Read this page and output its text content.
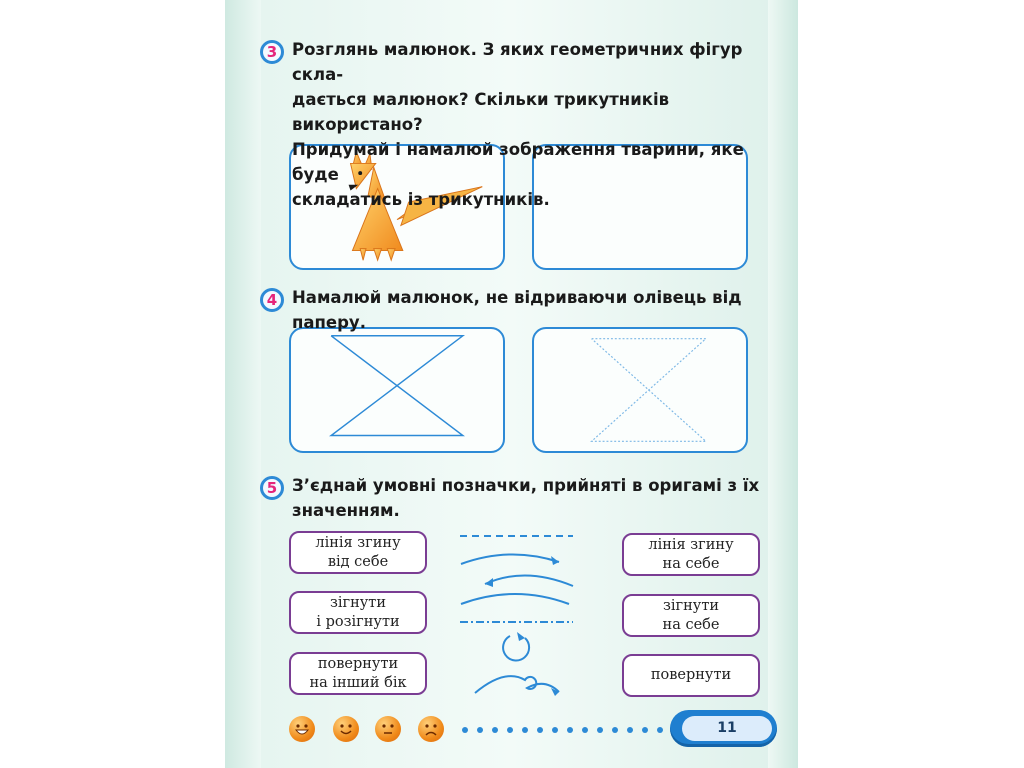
3 Розглянь малюнок. З яких геометричних фігур скла-
дається малюнок? Скільки трикутників використано?
Придумай і намалюй зображення тварини, яке буде
складатись із трикутників.
4 Намалюй малюнок, не відриваючи олівець від паперу.
5 З’єднай умовні позначки, прийняті в оригамі з їх
значенням.
лінія згину
від себе
зігнути
і розігнути
повернути
на інший бік
лінія згину
на себе
зігнути
на себе
повернути
11
